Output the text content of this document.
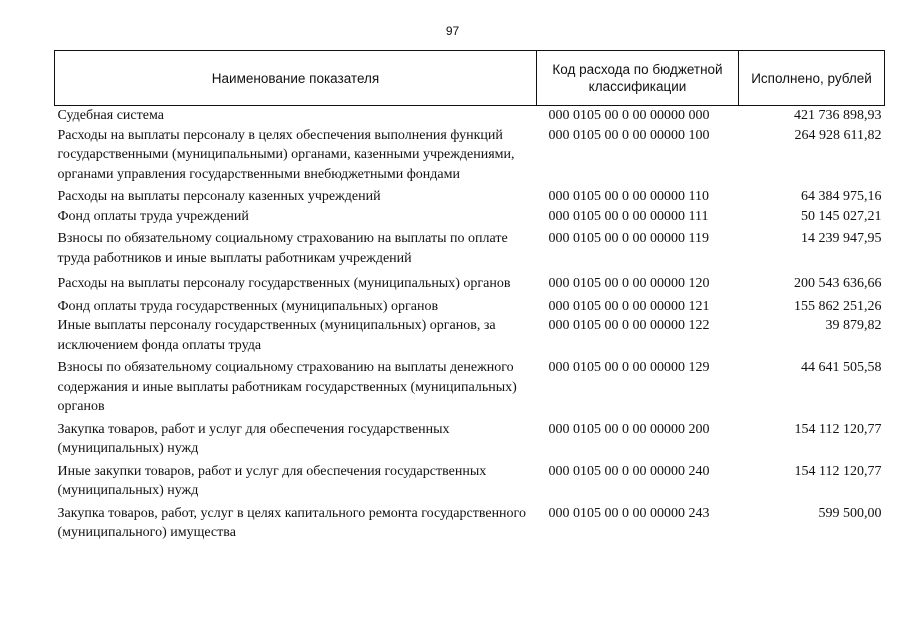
97
Наименование показателя	Код расхода по бюджетной классификации	Исполнено, рублей
Судебная система	000 0105 00 0 00 00000 000	421 736 898,93
Расходы на выплаты персоналу в целях обеспечения выполнения функций государственными (муниципальными) органами, казенными учреждениями, органами управления государственными внебюджетными фондами	000 0105 00 0 00 00000 100	264 928 611,82
Расходы на выплаты персоналу казенных учреждений	000 0105 00 0 00 00000 110	64 384 975,16
Фонд оплаты труда учреждений	000 0105 00 0 00 00000 111	50 145 027,21
Взносы по обязательному социальному страхованию на выплаты по оплате труда работников и иные выплаты работникам учреждений	000 0105 00 0 00 00000 119	14 239 947,95
Расходы на выплаты персоналу государственных (муниципальных) органов	000 0105 00 0 00 00000 120	200 543 636,66
Фонд оплаты труда государственных (муниципальных) органов	000 0105 00 0 00 00000 121	155 862 251,26
Иные выплаты персоналу государственных (муниципальных) органов, за исключением фонда оплаты труда	000 0105 00 0 00 00000 122	39 879,82
Взносы по обязательному социальному страхованию на выплаты денежного содержания и иные выплаты работникам государственных (муниципальных) органов	000 0105 00 0 00 00000 129	44 641 505,58
Закупка товаров, работ и услуг для обеспечения государственных (муниципальных) нужд	000 0105 00 0 00 00000 200	154 112 120,77
Иные закупки товаров, работ и услуг для обеспечения государственных (муниципальных) нужд	000 0105 00 0 00 00000 240	154 112 120,77
Закупка товаров, работ, услуг в целях капитального ремонта государственного (муниципального) имущества	000 0105 00 0 00 00000 243	599 500,00
